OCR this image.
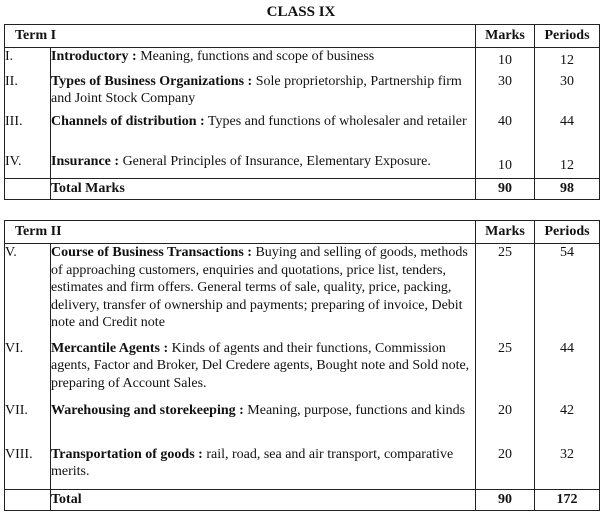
CLASS IX
Term I		Marks	Periods
I.	Introductory : Meaning, functions and scope of business	10	12
II.	Types of Business Organizations : Sole proprietorship, Partnership firm and Joint Stock Company	30	30
III.	Channels of distribution : Types and functions of wholesaler and retailer	40	44
IV.	Insurance : General Principles of Insurance, Elementary Exposure.	10	12
	Total Marks	90	98
Term II		Marks	Periods
V.	Course of Business Transactions : Buying and selling of goods, methods of approaching customers, enquiries and quotations, price list, tenders, estimates and firm offers. General terms of sale, quality, price, packing, delivery, transfer of ownership and payments; preparing of invoice, Debit note and Credit note	25	54
VI.	Mercantile Agents : Kinds of agents and their functions, Commission agents, Factor and Broker, Del Credere agents, Bought note and Sold note, preparing of Account Sales.	25	44
VII.	Warehousing and storekeeping : Meaning, purpose, functions and kinds	20	42
VIII.	Transportation of goods : rail, road, sea and air transport, comparative merits.	20	32
	Total	90	172
